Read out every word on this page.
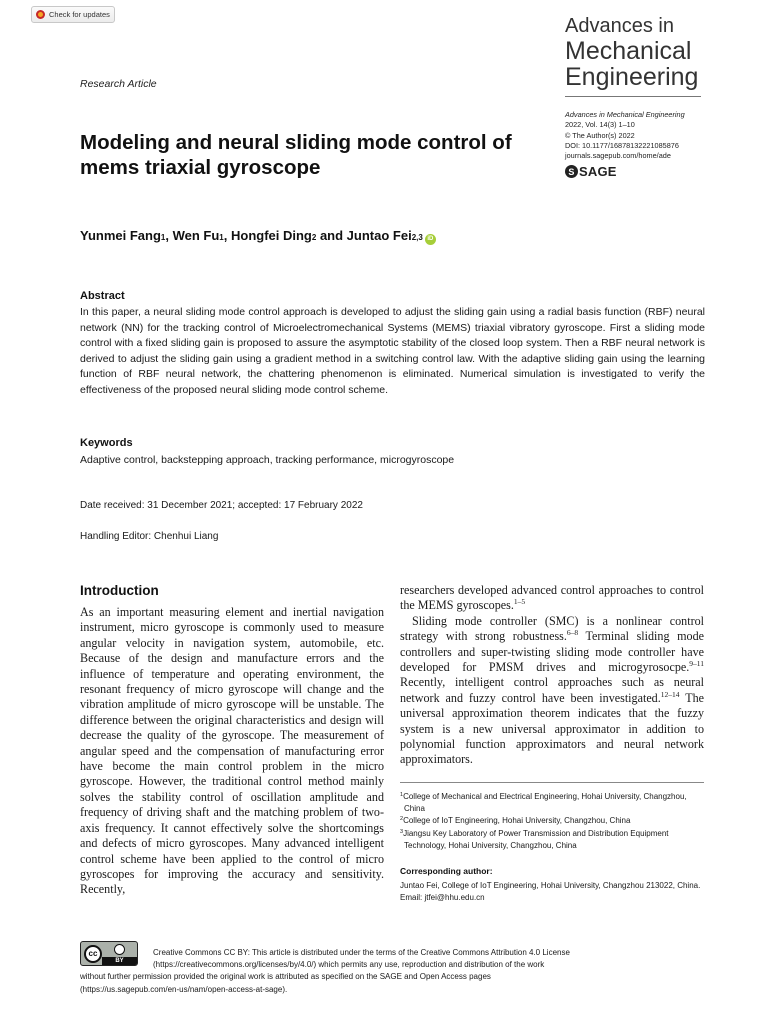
Check for updates
Advances in
Mechanical
Engineering
Advances in Mechanical Engineering
2022, Vol. 14(3) 1–10
© The Author(s) 2022
DOI: 10.1177/16878132221085876
journals.sagepub.com/home/ade
S SAGE
Research Article
Modeling and neural sliding mode control of mems triaxial gyroscope
Yunmei Fang 1 , Wen Fu 1 , Hongfei Ding 2 and Juntao Fei 2,3 iD
Abstract

In this paper, a neural sliding mode control approach is developed to adjust the sliding gain using a radial basis function (RBF) neural network (NN) for the tracking control of Microelectromechanical Systems (MEMS) triaxial vibratory gyroscope. First a sliding mode control with a fixed sliding gain is proposed to assure the asymptotic stability of the closed loop system. Then a RBF neural network is derived to adjust the sliding gain using a gradient method in a switching control law. With the adaptive sliding gain using the learning function of RBF neural network, the chattering phenomenon is eliminated. Numerical simulation is investigated to verify the effectiveness of the proposed neural sliding mode control scheme.

Keywords
Adaptive control, backstepping approach, tracking performance, microgyroscope
Date received: 31 December 2021; accepted: 17 February 2022
Handling Editor: Chenhui Liang
Introduction

As an important measuring element and inertial navigation instrument, micro gyroscope is commonly used to measure angular velocity in navigation system, automobile, etc. Because of the design and manufacture errors and the influence of temperature and operating environment, the resonant frequency of micro gyroscope will change and the vibration amplitude of micro gyroscope will be unstable. The difference between the original characteristics and design will decrease the quality of the gyroscope. The measurement of angular speed and the compensation of manufacturing error have become the main control problem in the micro gyroscope. However, the traditional control method mainly solves the stability control of oscillation amplitude and frequency of driving shaft and the matching problem of two-axis frequency. It cannot effectively solve the shortcomings and defects of micro gyroscopes. Many advanced intelligent control scheme have been applied to the control of micro gyroscopes for improving the accuracy and sensitivity. Recently,

researchers developed advanced control approaches to control the MEMS gyroscopes.$^{1-5}$

Sliding mode controller (SMC) is a nonlinear control strategy with strong robustness.$^{6-8}$ Terminal sliding mode controllers and super-twisting sliding mode controller have developed for PMSM drives and microgyrosocpe.$^{9-11}$ Recently, intelligent control approaches such as neural network and fuzzy control have been investigated.$^{12-14}$ The universal approximation theorem indicates that the fuzzy system is a new universal approximator in addition to polynomial function approximators and neural network approximators.

$^1$College of Mechanical and Electrical Engineering, Hohai University, Changzhou, China
$^2$College of IoT Engineering, Hohai University, Changzhou, China
$^3$Jiangsu Key Laboratory of Power Transmission and Distribution Equipment Technology, Hohai University, Changzhou, China
Corresponding author:
Juntao Fei, College of IoT Engineering, Hohai University, Changzhou 213022, China.
Email: jtfei@hhu.edu.cn
cc
BY
Creative Commons CC BY: This article is distributed under the terms of the Creative Commons Attribution 4.0 License
(https://creativecommons.org/licenses/by/4.0/) which permits any use, reproduction and distribution of the work
without further permission provided the original work is attributed as specified on the SAGE and Open Access pages
(https://us.sagepub.com/en-us/nam/open-access-at-sage).
